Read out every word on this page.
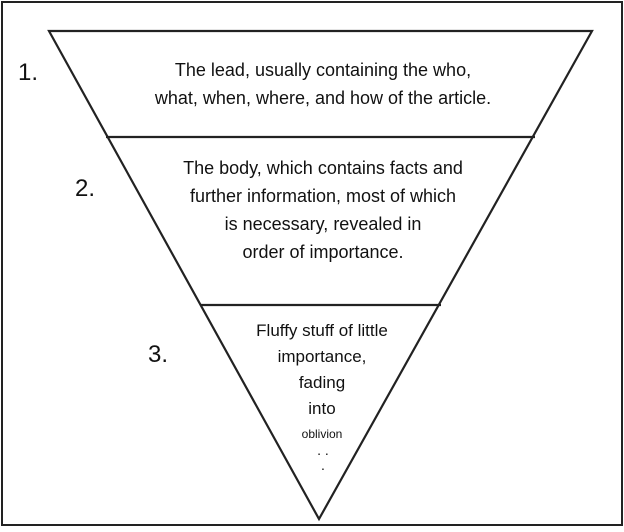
1.
2.
3.
The lead, usually containing the who,
what, when, where, and how of the article.
The body, which contains facts and
further information, most of which
is necessary, revealed in
order of importance.
Fluffy stuff of little
importance,
fading
into
oblivion
. .
.
